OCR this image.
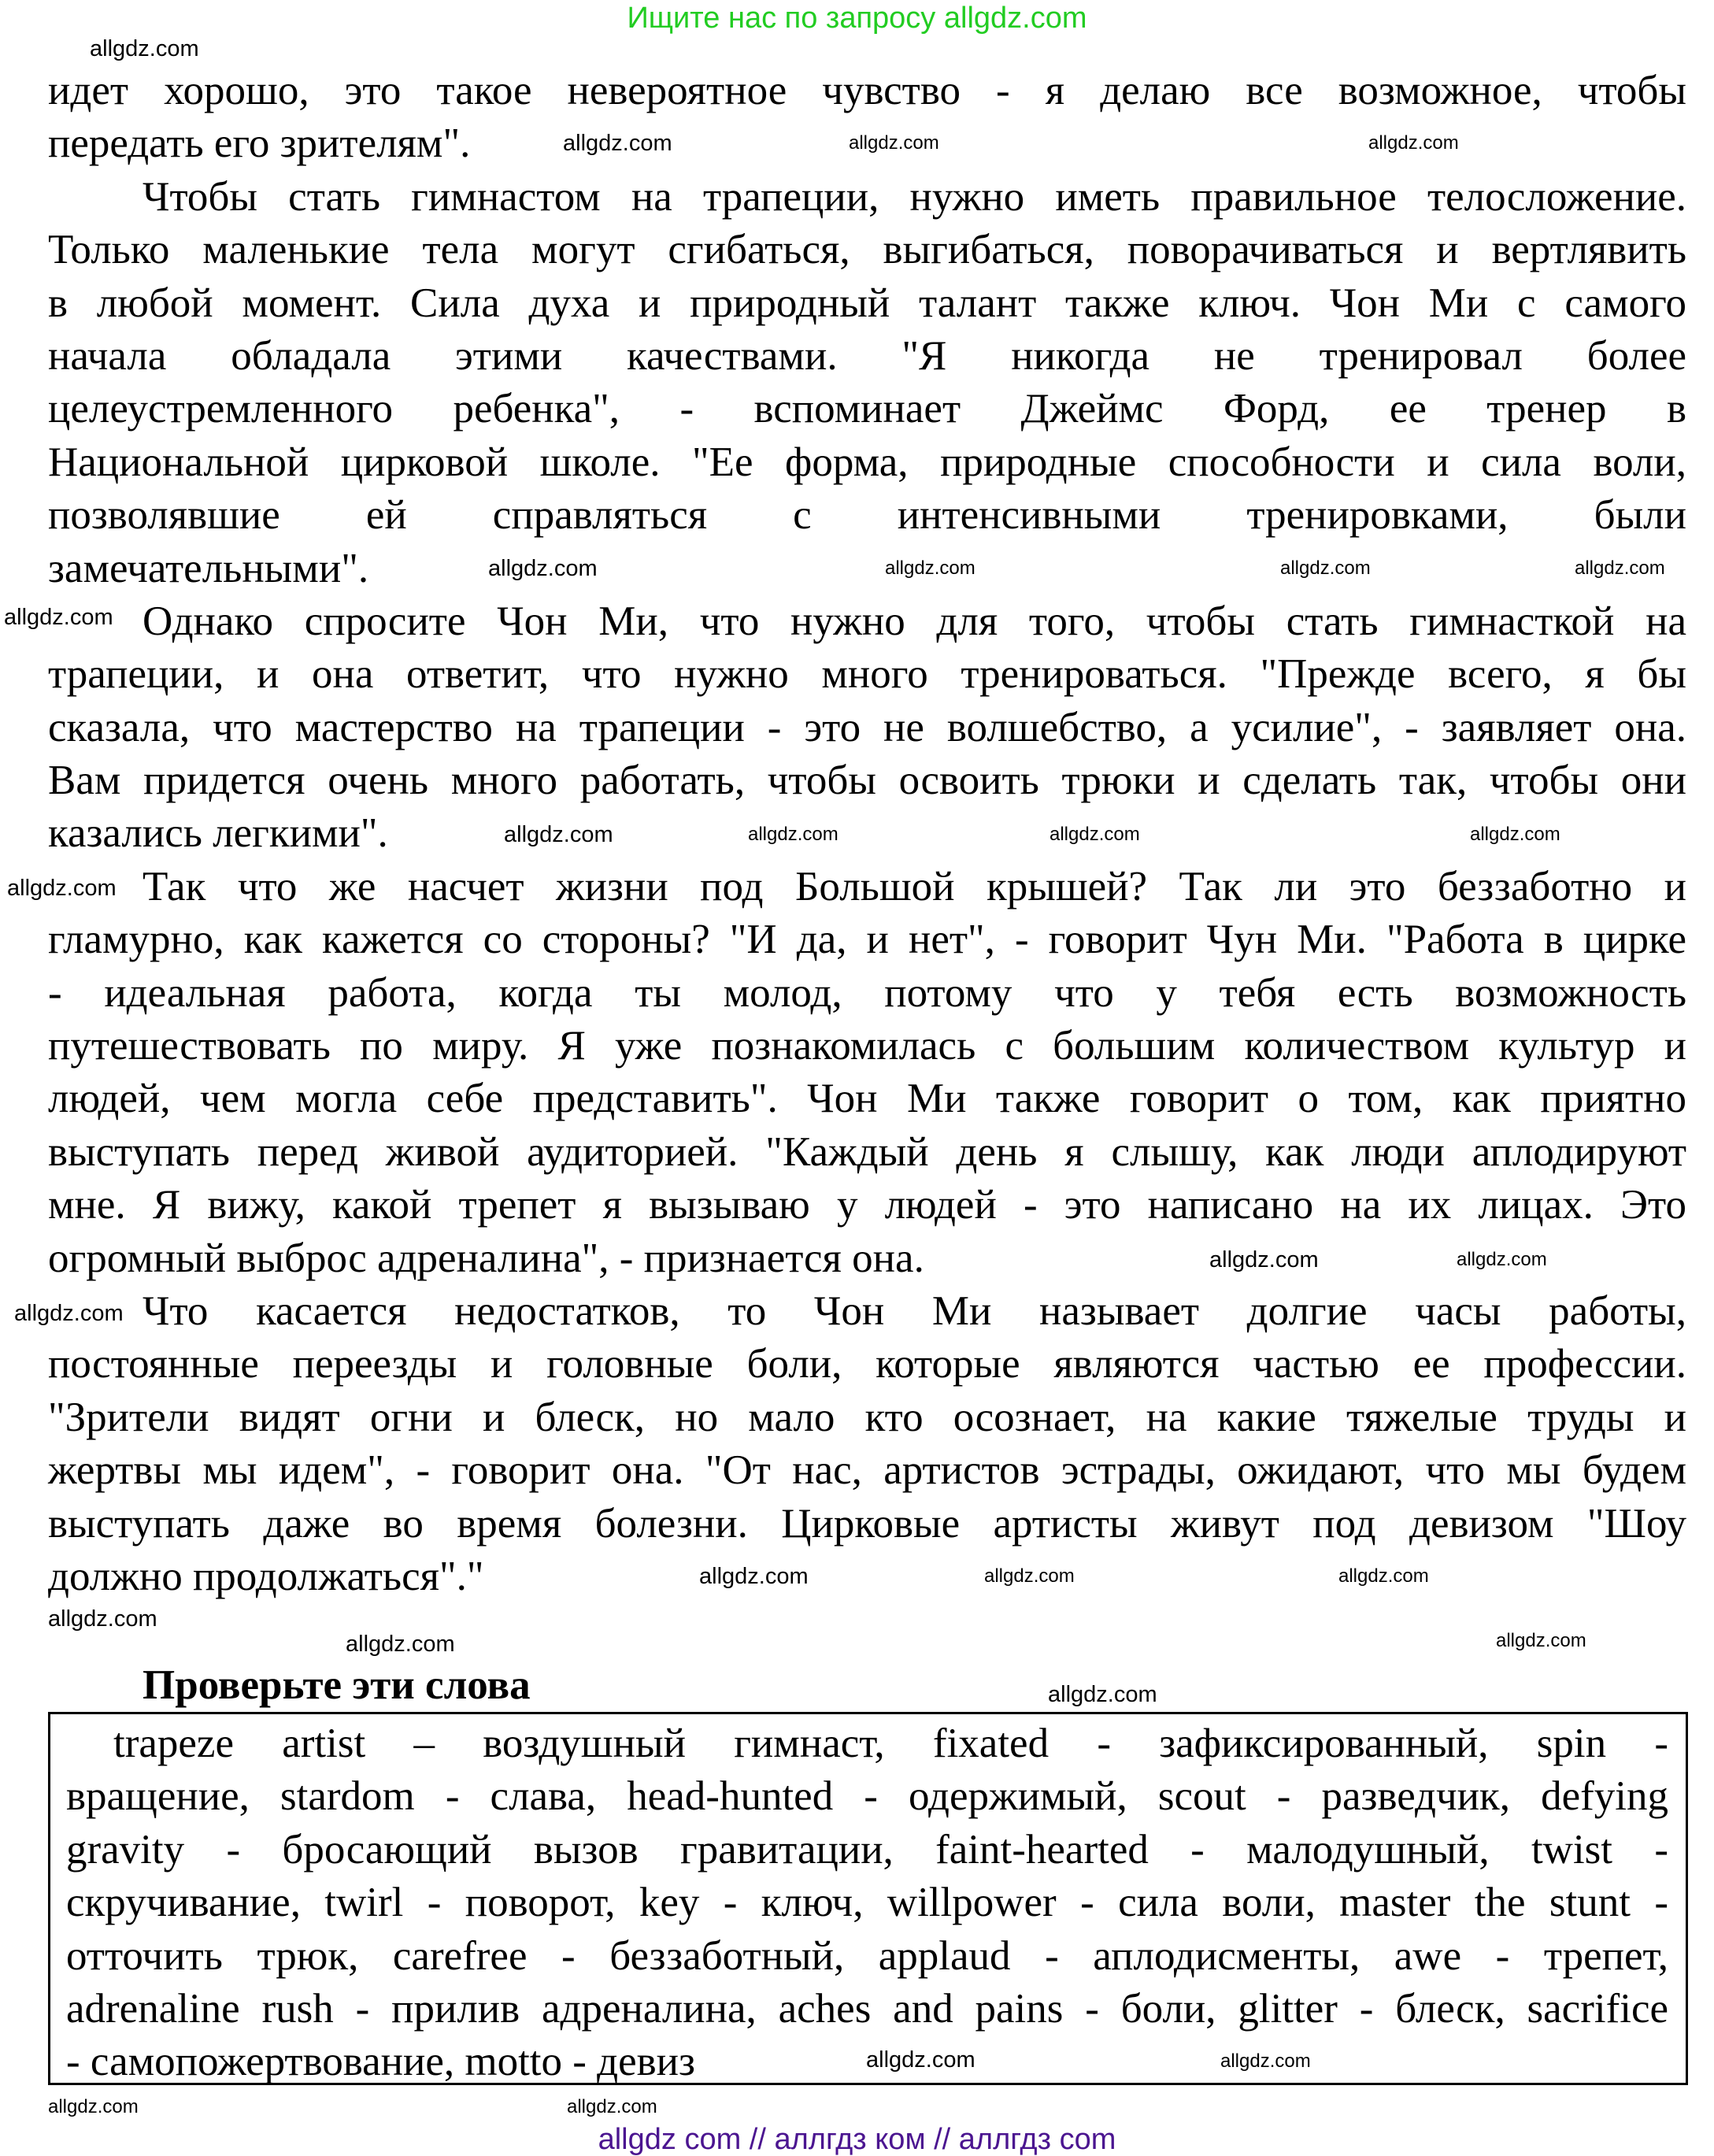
Ищите нас по запросу allgdz.com
идет хорошо, это такое невероятное чувство - я делаю все возможное, чтобы
передать его зрителям".
Чтобы стать гимнастом на трапеции, нужно иметь правильное телосложение.
Только маленькие тела могут сгибаться, выгибаться, поворачиваться и вертлявить
в любой момент. Сила духа и природный талант также ключ. Чон Ми с самого
начала обладала этими качествами. "Я никогда не тренировал более
целеустремленного ребенка", - вспоминает Джеймс Форд, ее тренер в
Национальной цирковой школе. "Ее форма, природные способности и сила воли,
позволявшие ей справляться с интенсивными тренировками, были
замечательными".
Однако спросите Чон Ми, что нужно для того, чтобы стать гимнасткой на
трапеции, и она ответит, что нужно много тренироваться. "Прежде всего, я бы
сказала, что мастерство на трапеции - это не волшебство, а усилие", - заявляет она.
Вам придется очень много работать, чтобы освоить трюки и сделать так, чтобы они
казались легкими".
Так что же насчет жизни под Большой крышей? Так ли это беззаботно и
гламурно, как кажется со стороны? "И да, и нет", - говорит Чун Ми. "Работа в цирке
- идеальная работа, когда ты молод, потому что у тебя есть возможность
путешествовать по миру. Я уже познакомилась с большим количеством культур и
людей, чем могла себе представить". Чон Ми также говорит о том, как приятно
выступать перед живой аудиторией. "Каждый день я слышу, как люди аплодируют
мне. Я вижу, какой трепет я вызываю у людей - это написано на их лицах. Это
огромный выброс адреналина", - признается она.
Что касается недостатков, то Чон Ми называет долгие часы работы,
постоянные переезды и головные боли, которые являются частью ее профессии.
"Зрители видят огни и блеск, но мало кто осознает, на какие тяжелые труды и
жертвы мы идем", - говорит она. "От нас, артистов эстрады, ожидают, что мы будем
выступать даже во время болезни. Цирковые артисты живут под девизом "Шоу
должно продолжаться"."
Проверьте эти слова
trapeze artist – воздушный гимнаст, fixated - зафиксированный, spin -
вращение, stardom - слава, head-hunted - одержимый, scout - разведчик, defying
gravity - бросающий вызов гравитации, faint-hearted - малодушный, twist -
скручивание, twirl - поворот, key - ключ, willpower - сила воли, master the stunt -
отточить трюк, carefree - беззаботный, applaud - аплодисменты, awe - трепет,
adrenaline rush - прилив адреналина, aches and pains - боли, glitter - блеск, sacrifice
- самопожертвование, motto - девиз
allgdz.com
allgdz.com	allgdz.com	allgdz.com
allgdz.com
allgdz.com	allgdz.com
allgdz.com
allgdz.com
allgdz.com
allgdz.com
allgdz.com	allgdz.com
allgdz.com
allgdz.com
allgdz.com
allgdz.com
allgdz.com
allgdz.com
allgdz.com
allgdz.com
allgdz.com
allgdz.com
allgdz.com
allgdz.com
allgdz.com
allgdz.com
allgdz.com
allgdz com // аллгдз ком // аллгдз com
